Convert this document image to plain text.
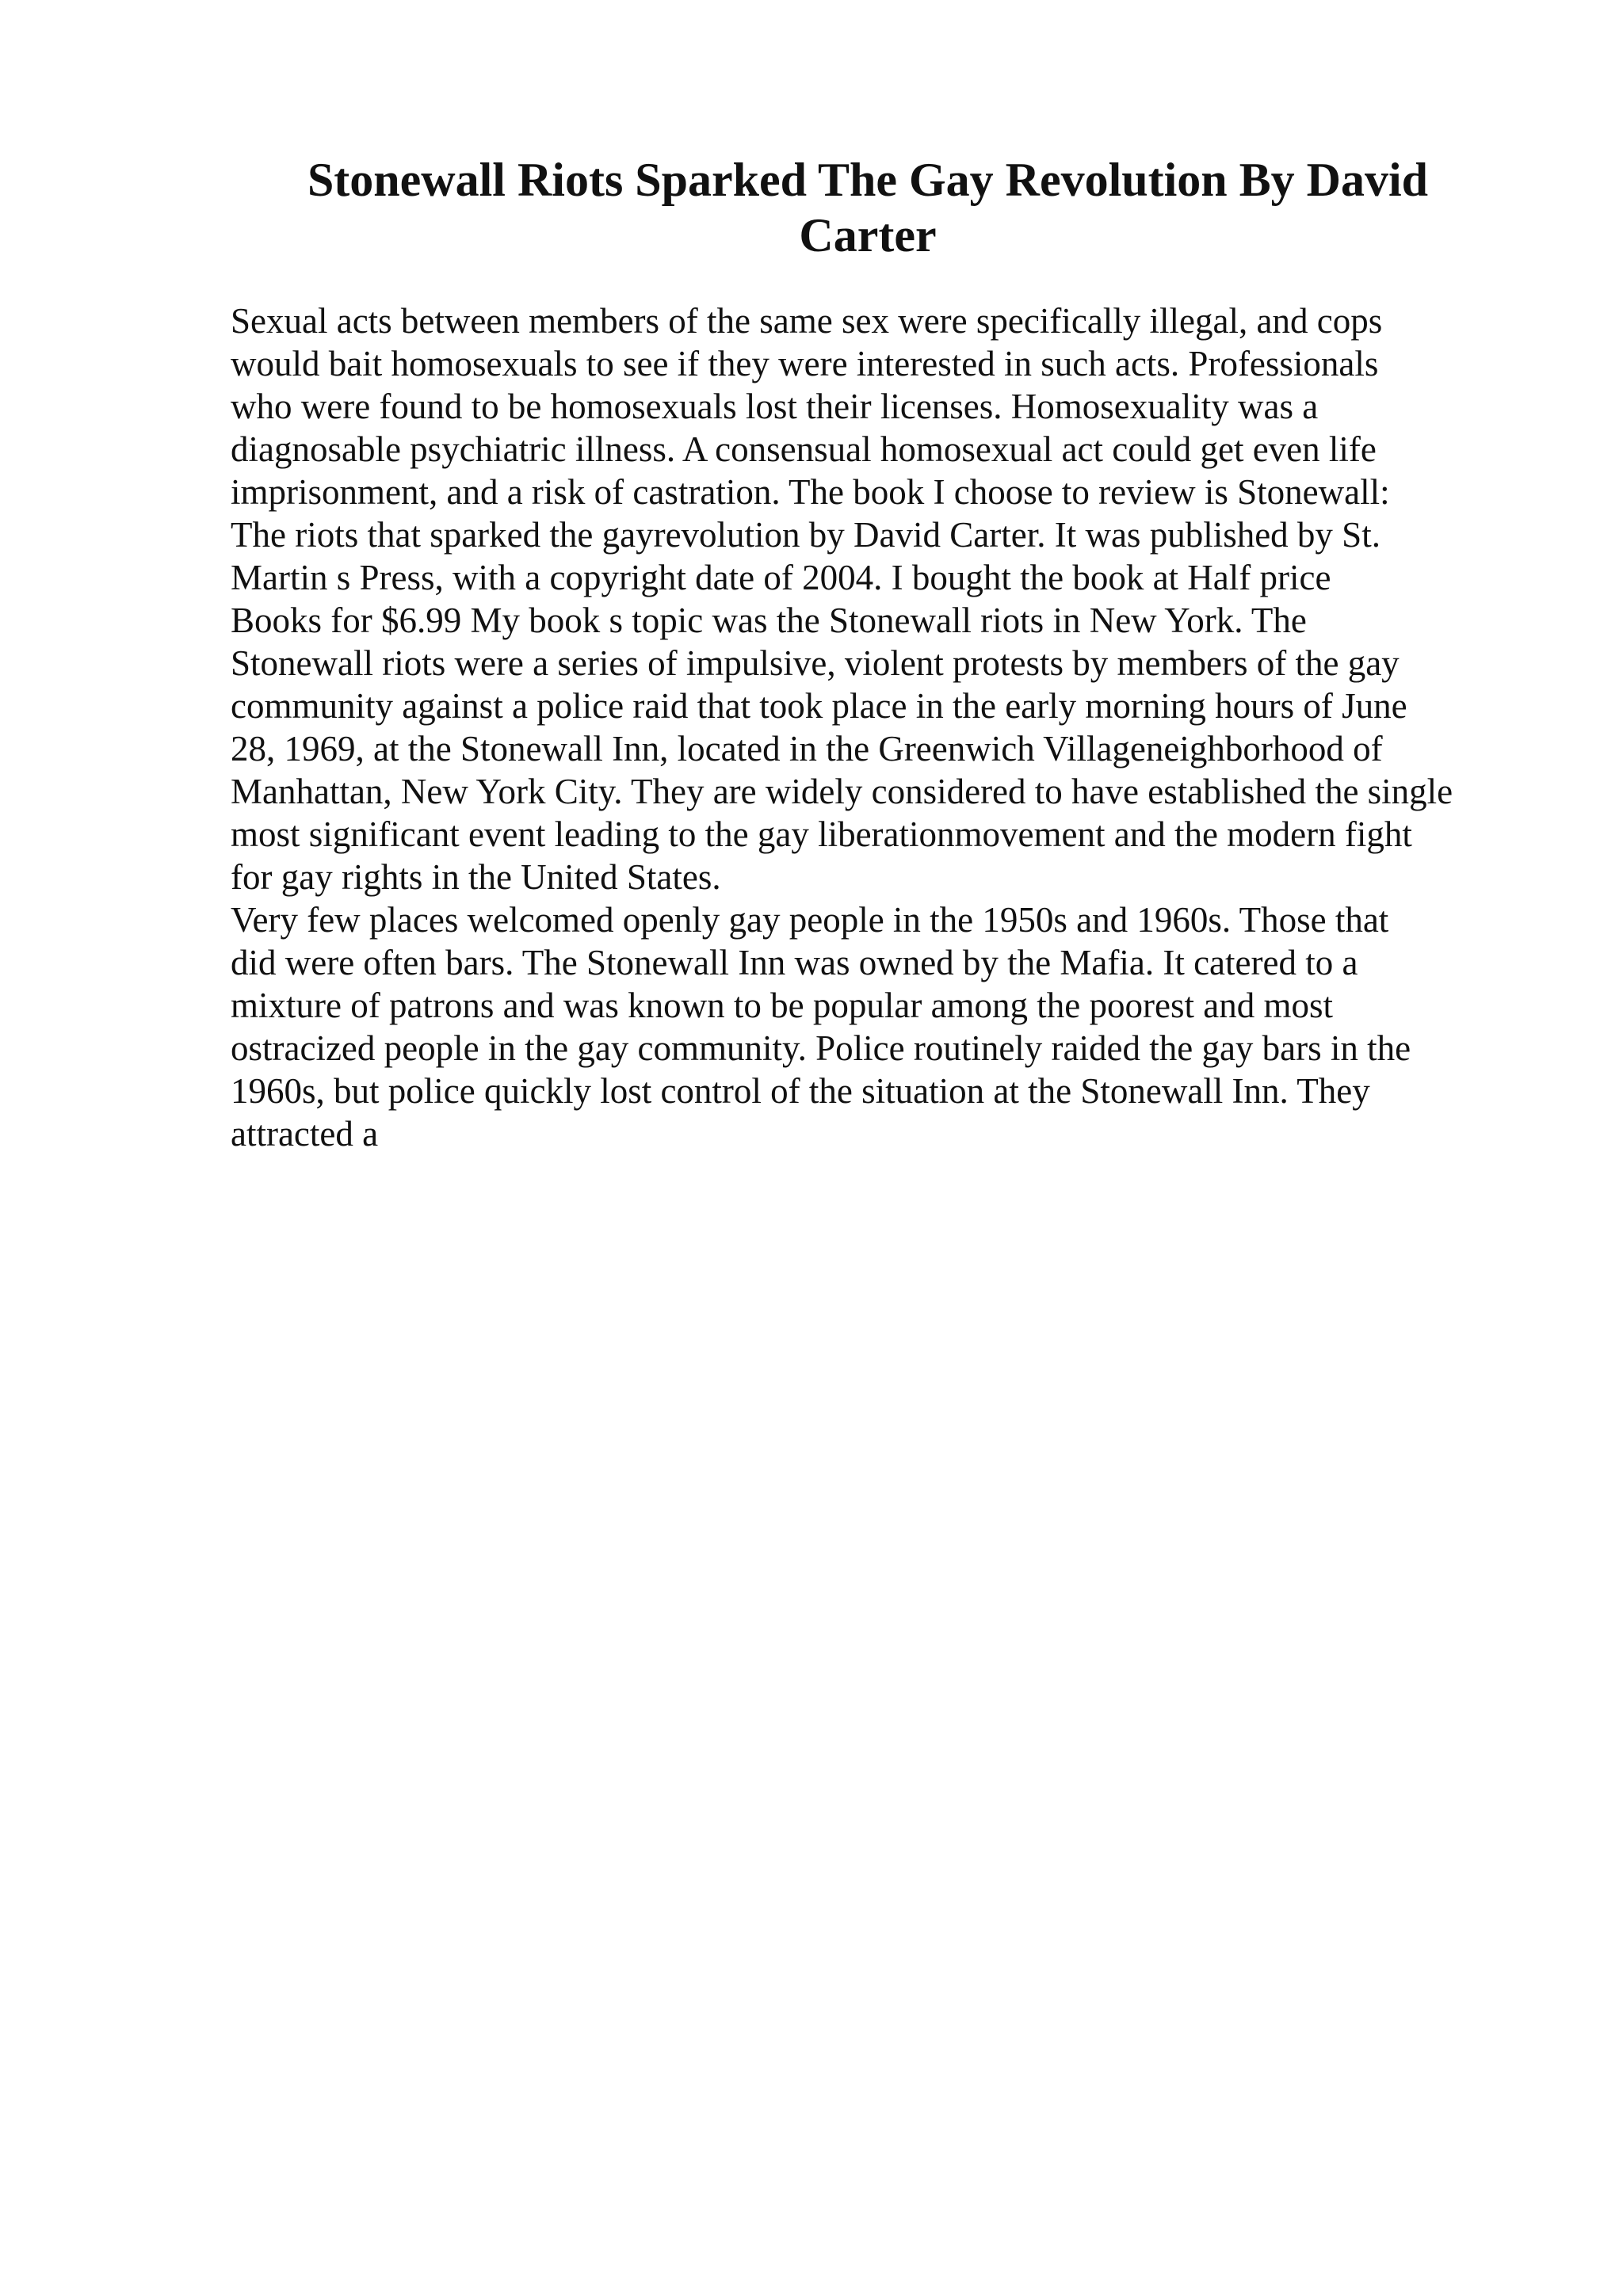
Stonewall Riots Sparked The Gay Revolution By David
Carter
Sexual acts between members of the same sex were specifically illegal, and cops
would bait homosexuals to see if they were interested in such acts. Professionals
who were found to be homosexuals lost their licenses. Homosexuality was a
diagnosable psychiatric illness. A consensual homosexual act could get even life
imprisonment, and a risk of castration. The book I choose to review is Stonewall:
The riots that sparked the gayrevolution by David Carter. It was published by St.
Martin s Press, with a copyright date of 2004. I bought the book at Half price
Books for $6.99 My book s topic was the Stonewall riots in New York. The
Stonewall riots were a series of impulsive, violent protests by members of the gay
community against a police raid that took place in the early morning hours of June
28, 1969, at the Stonewall Inn, located in the Greenwich Villageneighborhood of
Manhattan, New York City. They are widely considered to have established the single
most significant event leading to the gay liberationmovement and the modern fight
for gay rights in the United States.
Very few places welcomed openly gay people in the 1950s and 1960s. Those that
did were often bars. The Stonewall Inn was owned by the Mafia. It catered to a
mixture of patrons and was known to be popular among the poorest and most
ostracized people in the gay community. Police routinely raided the gay bars in the
1960s, but police quickly lost control of the situation at the Stonewall Inn. They
attracted a
